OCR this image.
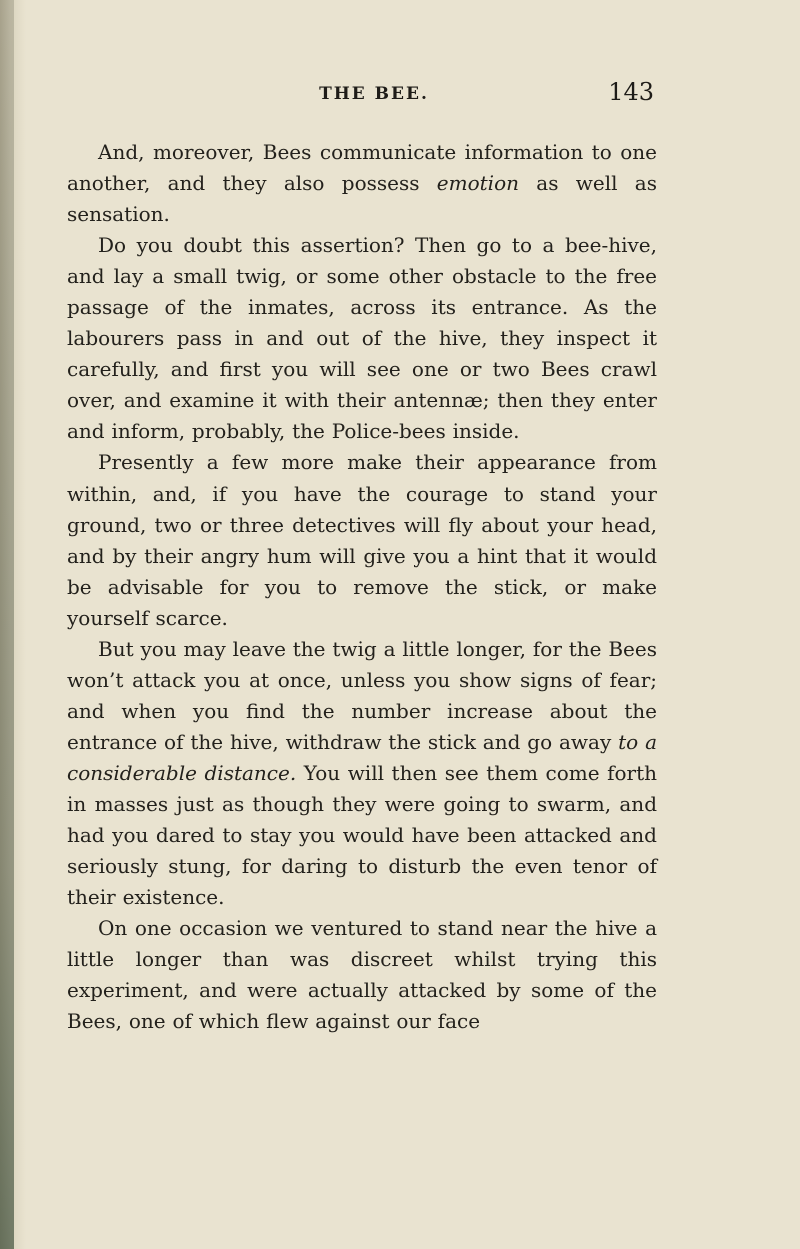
THE BEE.	143

And, moreover, Bees communicate information to one another, and they also possess emotion as well as sensation.

Do you doubt this assertion? Then go to a bee-hive, and lay a small twig, or some other obstacle to the free passage of the inmates, across its entrance. As the labourers pass in and out of the hive, they inspect it carefully, and first you will see one or two Bees crawl over, and examine it with their antennæ; then they enter and inform, probably, the Police-bees inside.

Presently a few more make their appearance from within, and, if you have the courage to stand your ground, two or three detectives will fly about your head, and by their angry hum will give you a hint that it would be advisable for you to remove the stick, or make yourself scarce.

But you may leave the twig a little longer, for the Bees won’t attack you at once, unless you show signs of fear; and when you find the number increase about the entrance of the hive, withdraw the stick and go away to a considerable distance. You will then see them come forth in masses just as though they were going to swarm, and had you dared to stay you would have been attacked and seriously stung, for daring to disturb the even tenor of their existence.

On one occasion we ventured to stand near the hive a little longer than was discreet whilst trying this experiment, and were actually attacked by some of the Bees, one of which flew against our face
